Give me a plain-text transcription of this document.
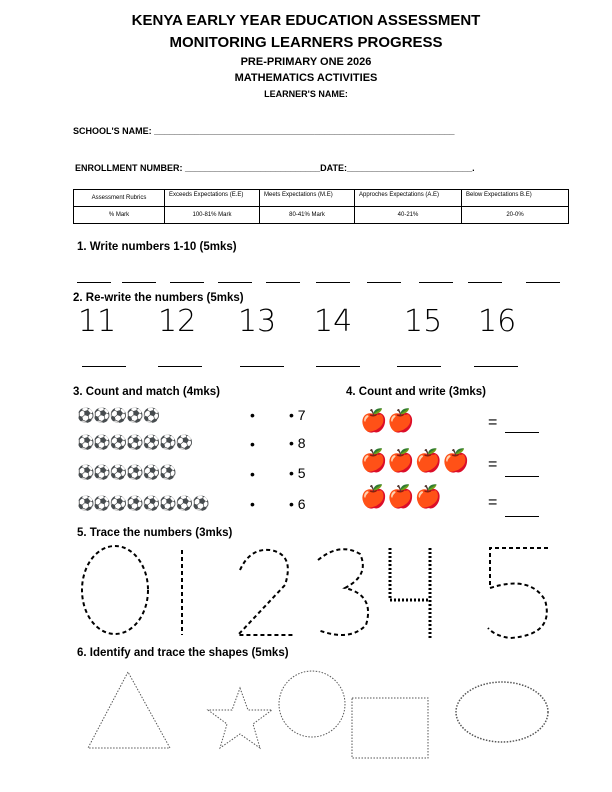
KENYA EARLY YEAR EDUCATION ASSESSMENT
MONITORING LEARNERS PROGRESS
PRE-PRIMARY ONE 2026
MATHEMATICS ACTIVITIES
LEARNER'S NAME:
SCHOOL'S NAME: ____________________________________________________________
ENROLLMENT NUMBER: ___________________________DATE:_________________________.
Assessment Rubrics	Exceeds Expectations (E.E)	Meets Expectations (M.E)	Approches Expectations (A.E)	Below Expectations B.E)
% Mark	100-81% Mark	80-41% Mark	40-21%	20-0%
1. Write numbers 1-10 (5mks)
2. Re-write the numbers (5mks)
11 12 13 14 15 16
3. Count and match (4mks)
⚽⚽⚽⚽⚽
⚽⚽⚽⚽⚽⚽⚽
⚽⚽⚽⚽⚽⚽
⚽⚽⚽⚽⚽⚽⚽⚽
•
•
•
•
• 7
• 8
• 5
• 6
4. Count and write (3mks)
🍎🍎
🍎🍎🍎🍎
🍎🍎🍎
=
=
=
5. Trace the numbers (3mks)
6. Identify and trace the shapes (5mks)
